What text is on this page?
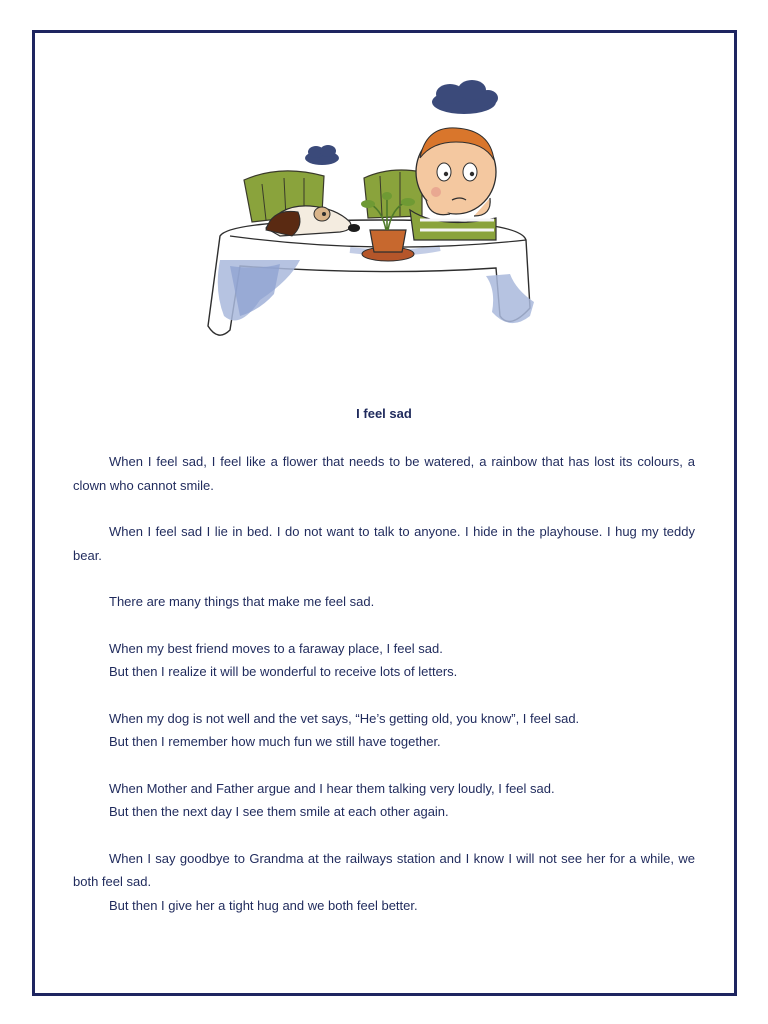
I feel sad

When I feel sad, I feel like a flower that needs to be watered, a rainbow that has lost its colours, a clown who cannot smile.

When I feel sad I lie in bed. I do not want to talk to anyone. I hide in the playhouse. I hug my teddy bear.

There are many things that make me feel sad.

When my best friend moves to a faraway place, I feel sad.

But then I realize it will be wonderful to receive lots of letters.

When my dog is not well and the vet says, “He’s getting old, you know”, I feel sad.

But then I remember how much fun we still have together.

When Mother and Father argue and I hear them talking very loudly, I feel sad.

But then the next day I see them smile at each other again.

When I say goodbye to Grandma at the railways station and I know I will not see her for a while, we both feel sad.

But then I give her a tight hug and we both feel better.
